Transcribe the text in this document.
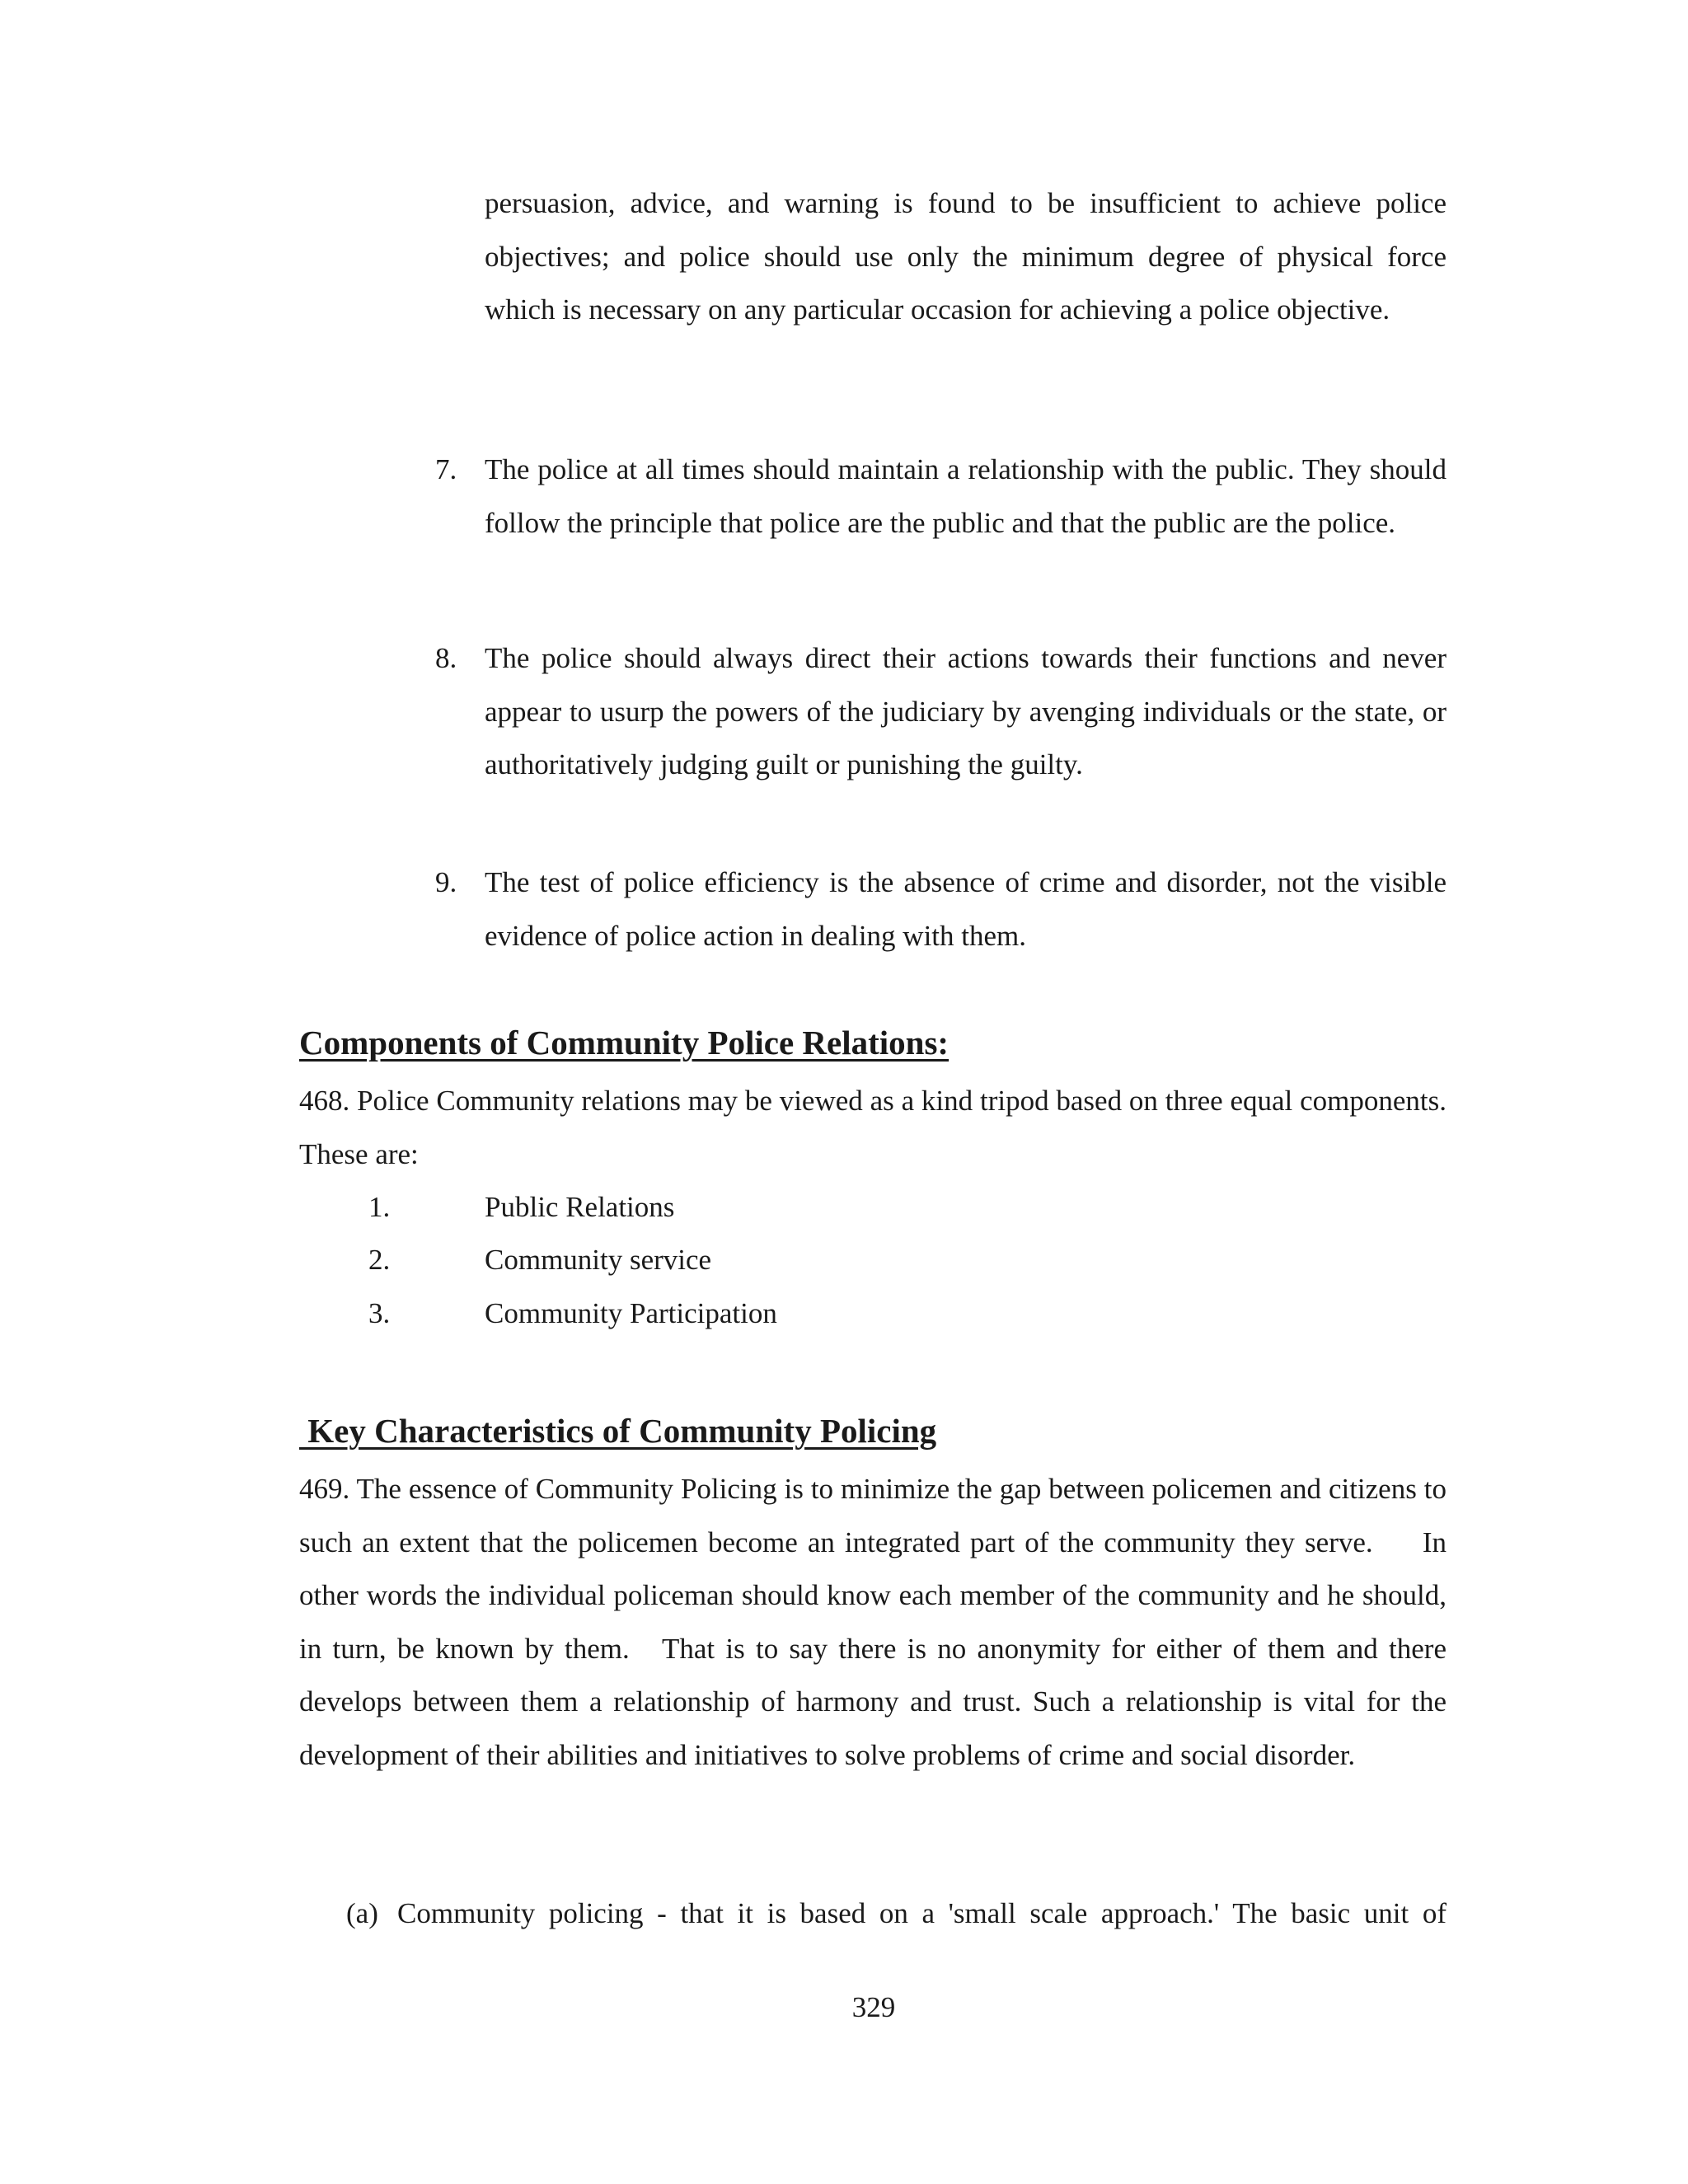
persuasion, advice, and warning is found to be insufficient to achieve police objectives; and police should use only the minimum degree of physical force which is necessary on any particular occasion for achieving a police objective.

7. The police at all times should maintain a relationship with the public. They should follow the principle that police are the public and that the public are the police.

8. The police should always direct their actions towards their functions and never appear to usurp the powers of the judiciary by avenging individuals or the state, or authoritatively judging guilt or punishing the guilty.

9. The test of police efficiency is the absence of crime and disorder, not the visible evidence of police action in dealing with them.

Components of Community Police Relations:

468. Police Community relations may be viewed as a kind tripod based on three equal components. These are:

1.	Public Relations
2.	Community service
3.	Community Participation
Key Characteristics of Community Policing

469. The essence of Community Policing is to minimize the gap between policemen and citizens to such an extent that the policemen become an integrated part of the community they serve.     In other words the individual policeman should know each member of the community and he should, in turn, be known by them.   That is to say there is no anonymity for either of them and there develops between them a relationship of harmony and trust. Such a relationship is vital for the development of their abilities and initiatives to solve problems of crime and social disorder.

(a) Community policing - that it is based on a 'small scale approach.' The basic unit of

329
